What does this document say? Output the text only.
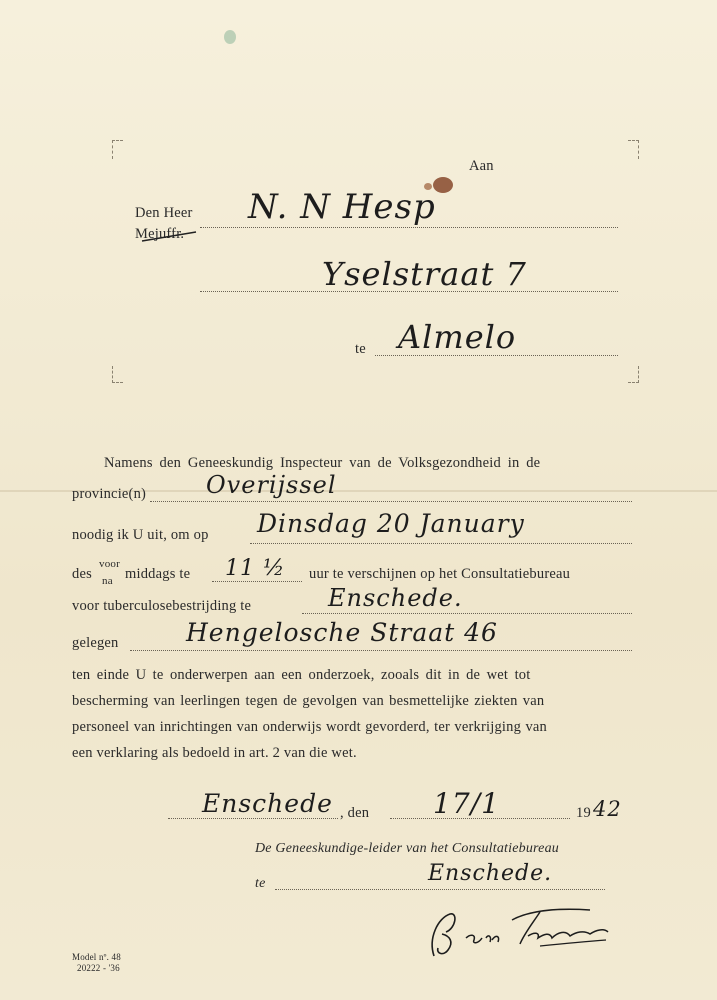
Aan
Den Heer
Mejuffr.
N. N Hesp
Yselstraat 7
te Almelo
Namens den Geneeskundig Inspecteur van de Volksgezondheid in de
provincie(n) Overijssel
noodig ik U uit, om op Dinsdag 20 January
des
voor
na middags te 11 ½ uur te verschijnen op het Consultatiebureau
voor tuberculosebestrijding te	Enschede.
gelegen	Hengelosche Straat 46
ten einde U te onderwerpen aan een onderzoek, zooals dit in de wet tot
bescherming van leerlingen tegen de gevolgen van besmettelijke ziekten van
personeel van inrichtingen van onderwijs wordt gevorderd, ter verkrijging van
een verklaring als bedoeld in art. 2 van die wet.
Enschede , den 17/1	19 42
De Geneeskundige-leider van het Consultatiebureau
te	Enschede.
Model nº. 48
20222 - '36
